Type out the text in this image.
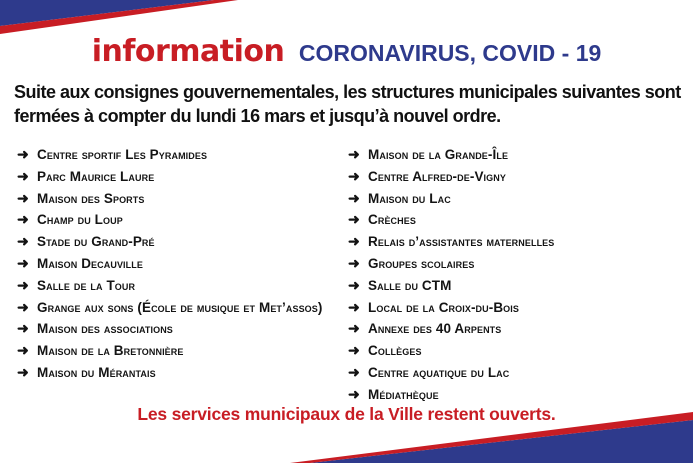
information CORONAVIRUS, COVID - 19
Suite aux consignes gouvernementales, les structures municipales suivantes sont fermées à compter du lundi 16 mars et jusqu’à nouvel ordre.
➜ Centre sportif Les Pyramides
➜ Parc Maurice Laure
➜ Maison des Sports
➜ Champ du Loup
➜ Stade du Grand-Pré
➜ Maison Decauville
➜ Salle de la Tour
➜ Grange aux sons (École de musique et Met’assos)
➜ Maison des associations
➜ Maison de la Bretonnière
➜ Maison du Mérantais
➜ Maison de la Grande-Île
➜ Centre Alfred-de-Vigny
➜ Maison du Lac
➜ Crèches
➜ Relais d’assistantes maternelles
➜ Groupes scolaires
➜ Salle du CTM
➜ Local de la Croix-du-Bois
➜ Annexe des 40 Arpents
➜ Collèges
➜ Centre aquatique du Lac
➜ Médiathèque
Les services municipaux de la Ville restent ouverts.
